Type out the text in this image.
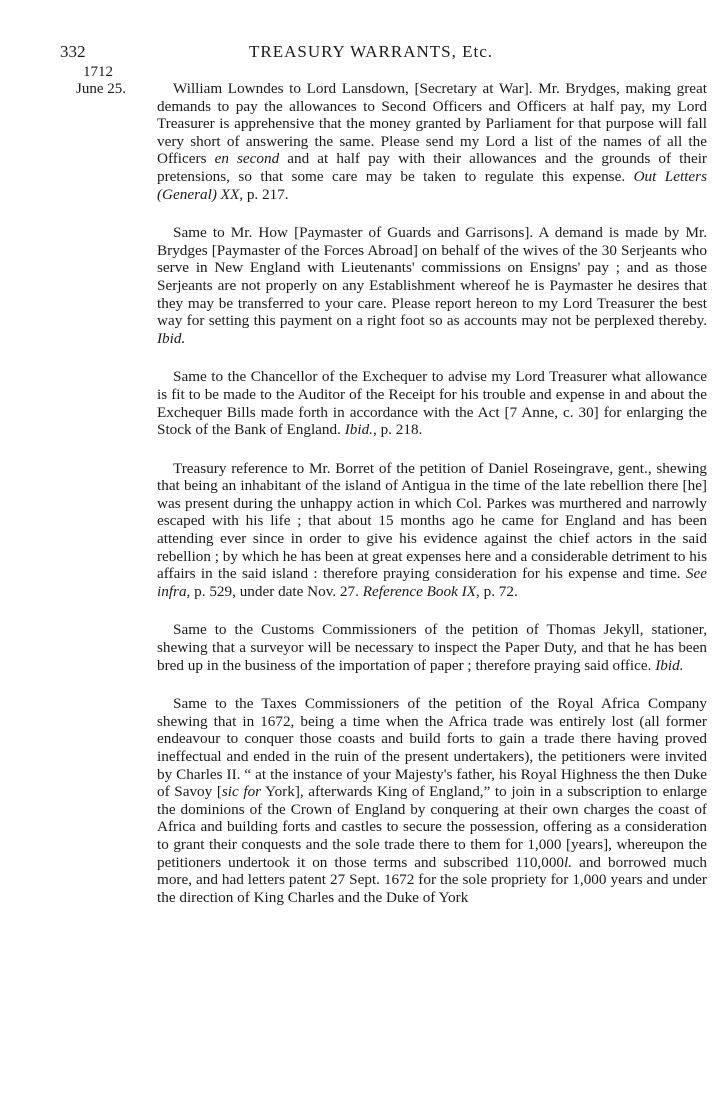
332	TREASURY WARRANTS, Etc.
1712
June 25.	William Lowndes to Lord Lansdown, [Secretary at War]. Mr. Brydges, making great demands to pay the allowances to Second Officers and Officers at half pay, my Lord Treasurer is apprehensive that the money granted by Parliament for that purpose will fall very short of answering the same. Please send my Lord a list of the names of all the Officers en second and at half pay with their allowances and the grounds of their pretensions, so that some care may be taken to regulate this expense. Out Letters (General) XX, p. 217.

Same to Mr. How [Paymaster of Guards and Garrisons]. A demand is made by Mr. Brydges [Paymaster of the Forces Abroad] on behalf of the wives of the 30 Serjeants who serve in New England with Lieutenants' commissions on Ensigns' pay ; and as those Serjeants are not properly on any Establishment whereof he is Paymaster he desires that they may be transferred to your care. Please report hereon to my Lord Treasurer the best way for setting this payment on a right foot so as accounts may not be perplexed thereby. Ibid.

Same to the Chancellor of the Exchequer to advise my Lord Treasurer what allowance is fit to be made to the Auditor of the Receipt for his trouble and expense in and about the Exchequer Bills made forth in accordance with the Act [7 Anne, c. 30] for enlarging the Stock of the Bank of England. Ibid., p. 218.

Treasury reference to Mr. Borret of the petition of Daniel Roseingrave, gent., shewing that being an inhabitant of the island of Antigua in the time of the late rebellion there [he] was present during the unhappy action in which Col. Parkes was murthered and narrowly escaped with his life ; that about 15 months ago he came for England and has been attending ever since in order to give his evidence against the chief actors in the said rebellion ; by which he has been at great expenses here and a considerable detriment to his affairs in the said island : therefore praying consideration for his expense and time. See infra, p. 529, under date Nov. 27. Reference Book IX, p. 72.

Same to the Customs Commissioners of the petition of Thomas Jekyll, stationer, shewing that a surveyor will be necessary to inspect the Paper Duty, and that he has been bred up in the business of the importation of paper ; therefore praying said office. Ibid.

Same to the Taxes Commissioners of the petition of the Royal Africa Company shewing that in 1672, being a time when the Africa trade was entirely lost (all former endeavour to conquer those coasts and build forts to gain a trade there having proved ineffectual and ended in the ruin of the present undertakers), the petitioners were invited by Charles II. “ at the instance of your Majesty's father, his Royal Highness the then Duke of Savoy [sic for York], afterwards King of England,” to join in a subscription to enlarge the dominions of the Crown of England by conquering at their own charges the coast of Africa and building forts and castles to secure the possession, offering as a consideration to grant their conquests and the sole trade there to them for 1,000 [years], whereupon the petitioners undertook it on those terms and subscribed 110,000l. and borrowed much more, and had letters patent 27 Sept. 1672 for the sole propriety for 1,000 years and under the direction of King Charles and the Duke of York
